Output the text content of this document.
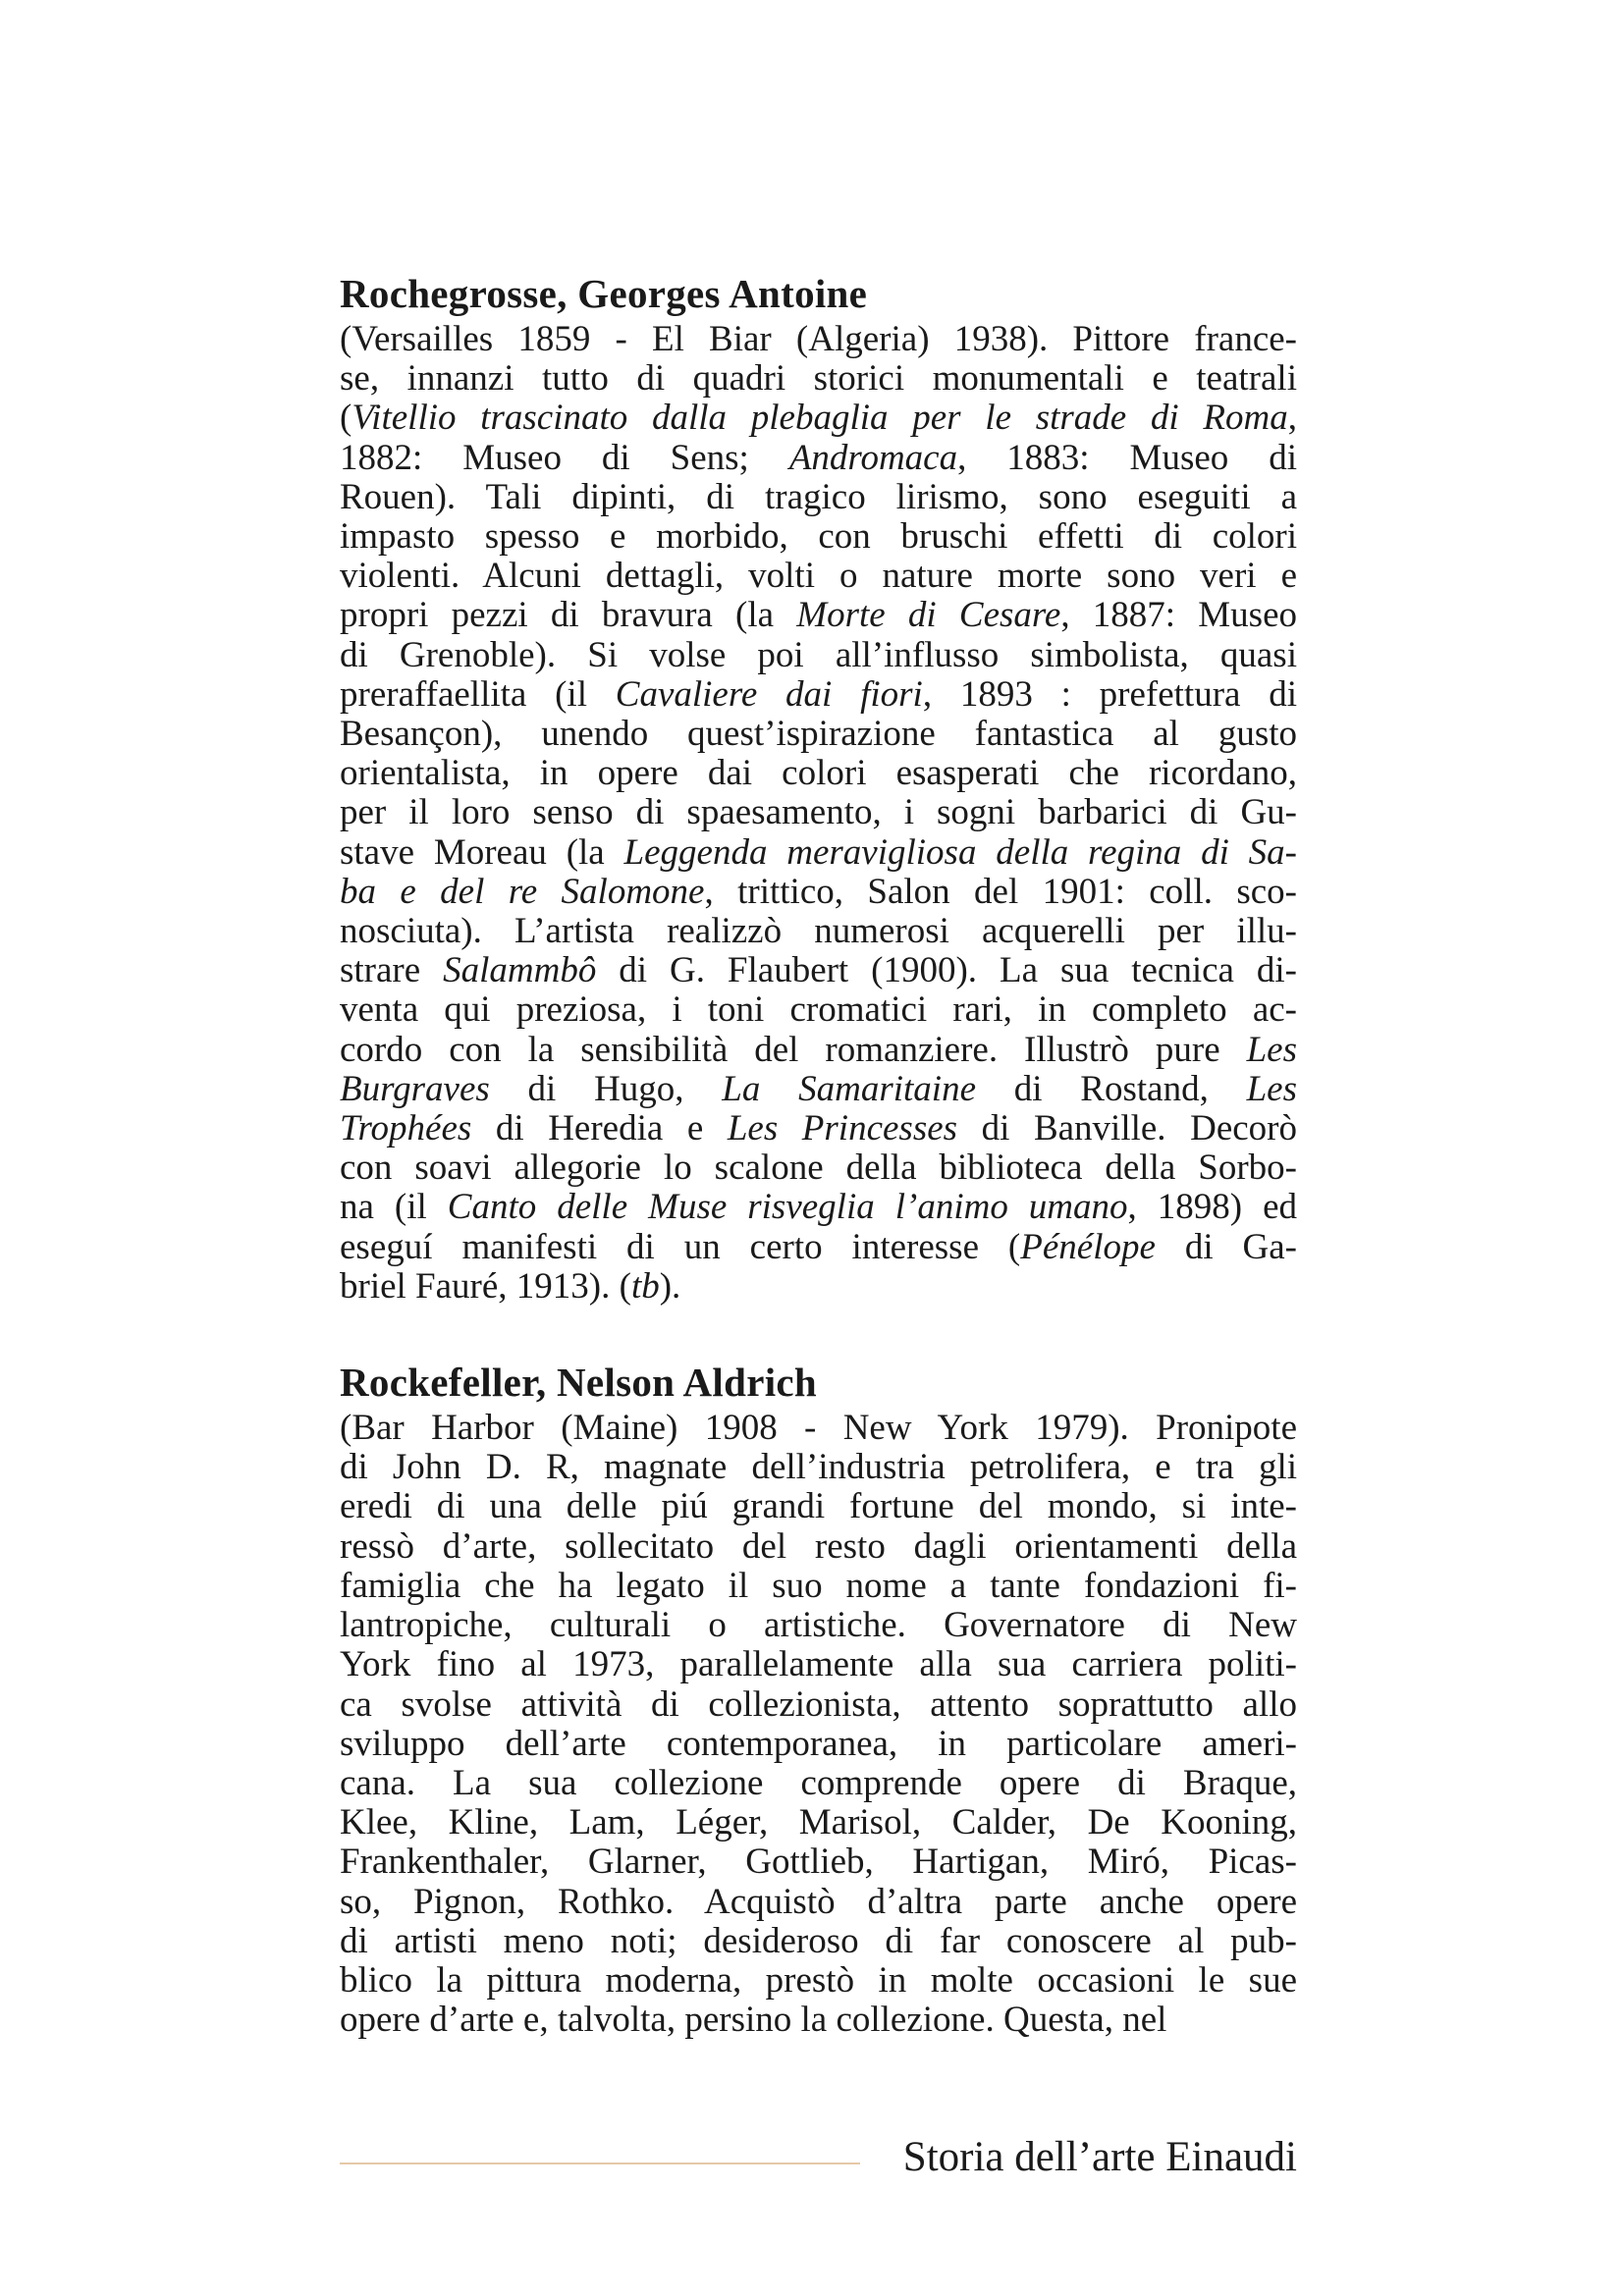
Rochegrosse, Georges Antoine

(Versailles 1859 - El Biar (Algeria) 1938). Pittore france-
se, innanzi tutto di quadri storici monumentali e teatrali
(Vitellio trascinato dalla plebaglia per le strade di Roma,
1882: Museo di Sens; Andromaca, 1883: Museo di
Rouen). Tali dipinti, di tragico lirismo, sono eseguiti a
impasto spesso e morbido, con bruschi effetti di colori
violenti. Alcuni dettagli, volti o nature morte sono veri e
propri pezzi di bravura (la Morte di Cesare, 1887: Museo
di Grenoble). Si volse poi all’influsso simbolista, quasi
preraffaellita (il Cavaliere dai fiori, 1893 : prefettura di
Besançon), unendo quest’ispirazione fantastica al gusto
orientalista, in opere dai colori esasperati che ricordano,
per il loro senso di spaesamento, i sogni barbarici di Gu-
stave Moreau (la Leggenda meravigliosa della regina di Sa-
ba e del re Salomone, trittico, Salon del 1901: coll. sco-
nosciuta). L’artista realizzò numerosi acquerelli per illu-
strare Salammbô di G. Flaubert (1900). La sua tecnica di-
venta qui preziosa, i toni cromatici rari, in completo ac-
cordo con la sensibilità del romanziere. Illustrò pure Les
Burgraves di Hugo, La Samaritaine di Rostand, Les
Trophées di Heredia e Les Princesses di Banville. Decorò
con soavi allegorie lo scalone della biblioteca della Sorbo-
na (il Canto delle Muse risveglia l’animo umano, 1898) ed
eseguí manifesti di un certo interesse (Pénélope di Ga-
briel Fauré, 1913). (tb).

Rockefeller, Nelson Aldrich

(Bar Harbor (Maine) 1908 - New York 1979). Pronipote
di John D. R, magnate dell’industria petrolifera, e tra gli
eredi di una delle piú grandi fortune del mondo, si inte-
ressò d’arte, sollecitato del resto dagli orientamenti della
famiglia che ha legato il suo nome a tante fondazioni fi-
lantropiche, culturali o artistiche. Governatore di New
York fino al 1973, parallelamente alla sua carriera politi-
ca svolse attività di collezionista, attento soprattutto allo
sviluppo dell’arte contemporanea, in particolare ameri-
cana. La sua collezione comprende opere di Braque,
Klee, Kline, Lam, Léger, Marisol, Calder, De Kooning,
Frankenthaler, Glarner, Gottlieb, Hartigan, Miró, Picas-
so, Pignon, Rothko. Acquistò d’altra parte anche opere
di artisti meno noti; desideroso di far conoscere al pub-
blico la pittura moderna, prestò in molte occasioni le sue
opere d’arte e, talvolta, persino la collezione. Questa, nel

Storia dell’arte Einaudi
